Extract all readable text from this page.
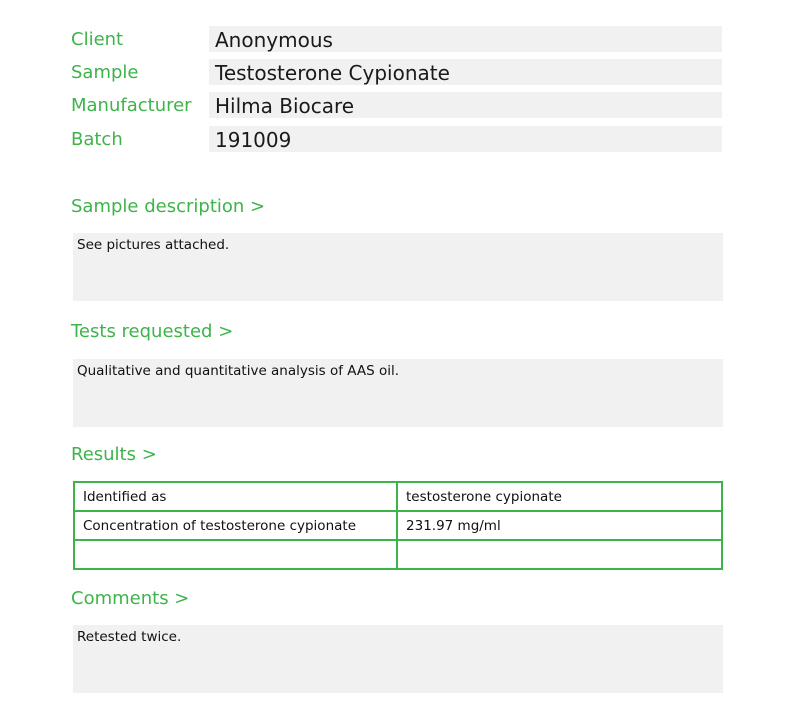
Client	Anonymous
Sample	Testosterone Cypionate
Manufacturer	Hilma Biocare
Batch	191009
Sample description >
See pictures attached.
Tests requested >
Qualitative and quantitative analysis of AAS oil.
Results >
Identified as	testosterone cypionate
Concentration of testosterone cypionate	231.97 mg/ml

Comments >
Retested twice.
